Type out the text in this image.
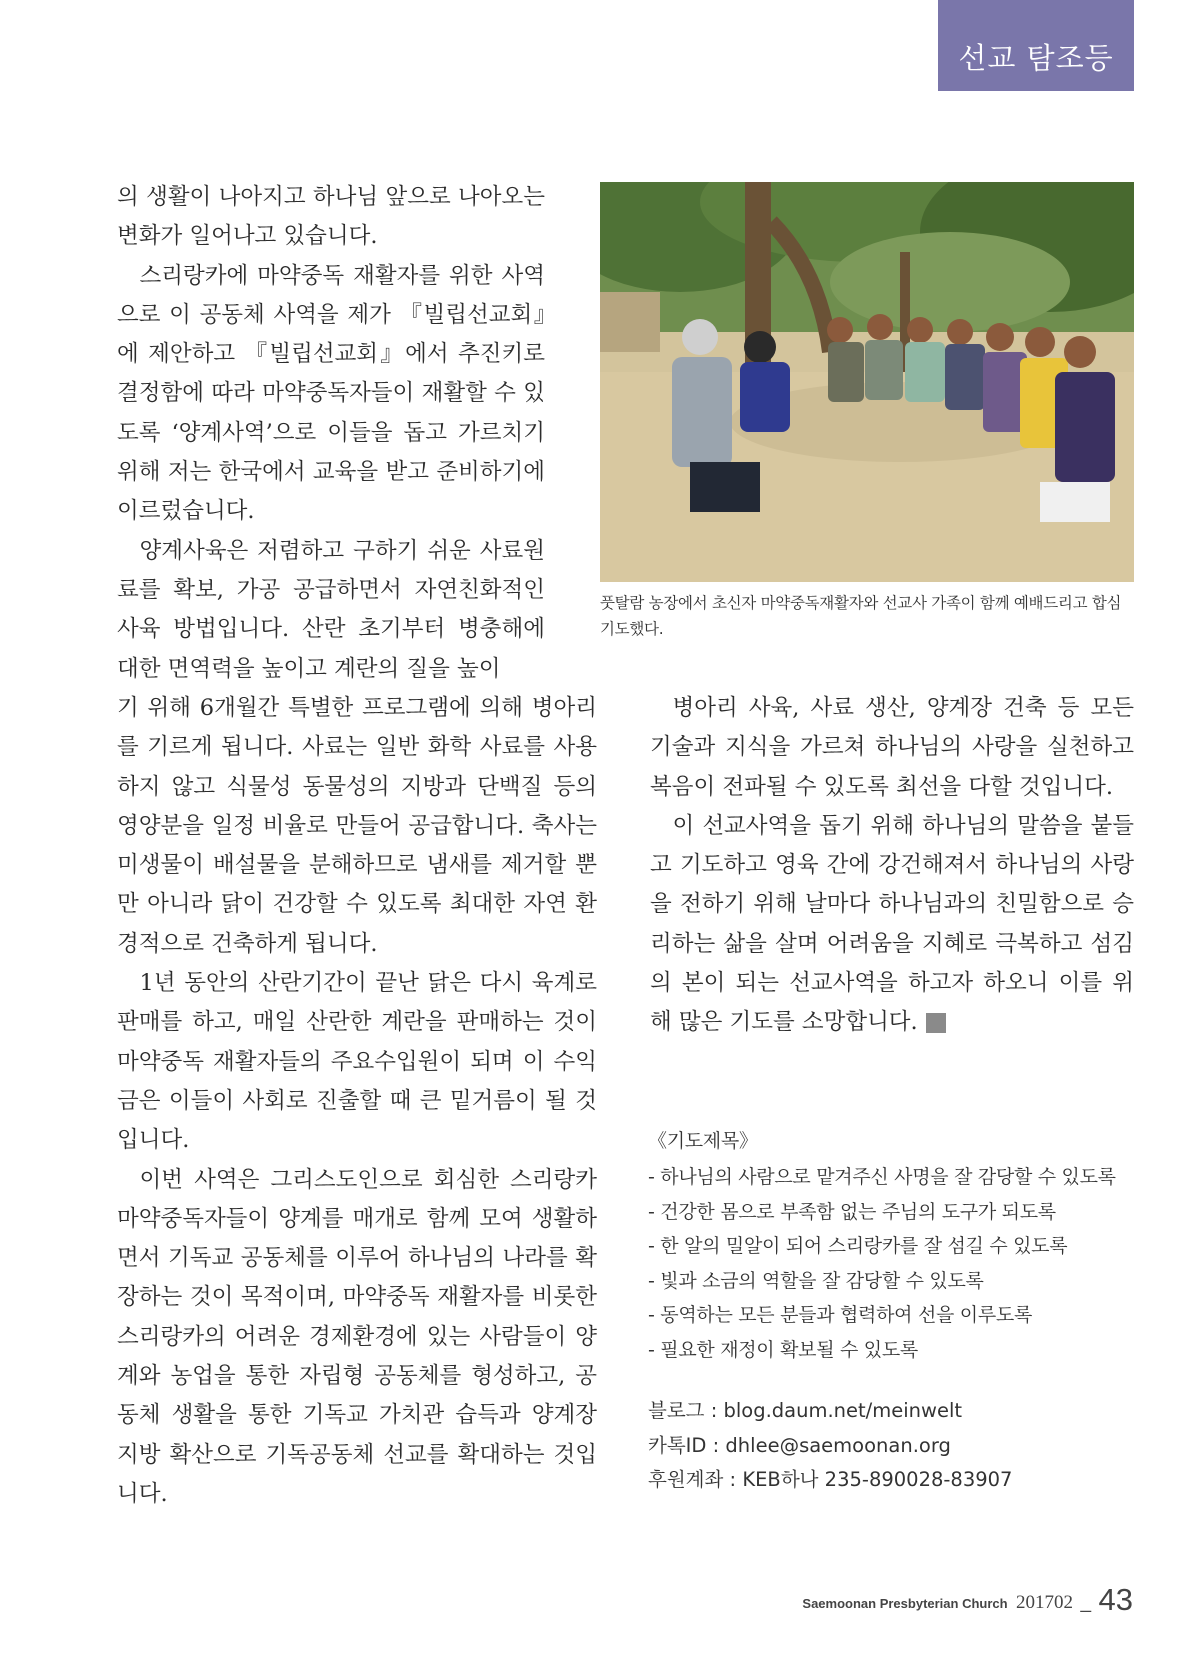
선교 탐조등

의 생활이 나아지고 하나님 앞으로 나아오는 변화가 일어나고 있습니다.

스리랑카에 마약중독 재활자를 위한 사역으로 이 공동체 사역을 제가 『빌립선교회』에 제안하고 『빌립선교회』에서 추진키로 결정함에 따라 마약중독자들이 재활할 수 있도록 ‘양계사역’으로 이들을 돕고 가르치기 위해 저는 한국에서 교육을 받고 준비하기에 이르렀습니다.

양계사육은 저렴하고 구하기 쉬운 사료원료를 확보, 가공 공급하면서 자연친화적인 사육 방법입니다. 산란 초기부터 병충해에 대한 면역력을 높이고 계란의 질을 높이

풋탈람 농장에서 초신자 마약중독재활자와 선교사 가족이 함께 예배드리고 합심 기도했다.

기 위해 6개월간 특별한 프로그램에 의해 병아리를 기르게 됩니다. 사료는 일반 화학 사료를 사용하지 않고 식물성 동물성의 지방과 단백질 등의 영양분을 일정 비율로 만들어 공급합니다. 축사는 미생물이 배설물을 분해하므로 냄새를 제거할 뿐만 아니라 닭이 건강할 수 있도록 최대한 자연 환경적으로 건축하게 됩니다.

1년 동안의 산란기간이 끝난 닭은 다시 육계로 판매를 하고, 매일 산란한 계란을 판매하는 것이 마약중독 재활자들의 주요수입원이 되며 이 수익금은 이들이 사회로 진출할 때 큰 밑거름이 될 것입니다.

이번 사역은 그리스도인으로 회심한 스리랑카 마약중독자들이 양계를 매개로 함께 모여 생활하면서 기독교 공동체를 이루어 하나님의 나라를 확장하는 것이 목적이며, 마약중독 재활자를 비롯한 스리랑카의 어려운 경제환경에 있는 사람들이 양계와 농업을 통한 자립형 공동체를 형성하고, 공동체 생활을 통한 기독교 가치관 습득과 양계장 지방 확산으로 기독공동체 선교를 확대하는 것입니다.

병아리 사육, 사료 생산, 양계장 건축 등 모든 기술과 지식을 가르쳐 하나님의 사랑을 실천하고 복음이 전파될 수 있도록 최선을 다할 것입니다.

이 선교사역을 돕기 위해 하나님의 말씀을 붙들고 기도하고 영육 간에 강건해져서 하나님의 사랑을 전하기 위해 날마다 하나님과의 친밀함으로 승리하는 삶을 살며 어려움을 지혜로 극복하고 섬김의 본이 되는 선교사역을 하고자 하오니 이를 위해 많은 기도를 소망합니다. 새

《기도제목》
- 하나님의 사람으로 맡겨주신 사명을 잘 감당할 수 있도록
- 건강한 몸으로 부족함 없는 주님의 도구가 되도록
- 한 알의 밀알이 되어 스리랑카를 잘 섬길 수 있도록
- 빛과 소금의 역할을 잘 감당할 수 있도록
- 동역하는 모든 분들과 협력하여 선을 이루도록
- 필요한 재정이 확보될 수 있도록
블로그 : blog.daum.net/meinwelt
카톡ID : dhlee@saemoonan.org
후원계좌 : KEB하나 235-890028-83907
Saemoonan Presbyterian Church 201702 _ 43
